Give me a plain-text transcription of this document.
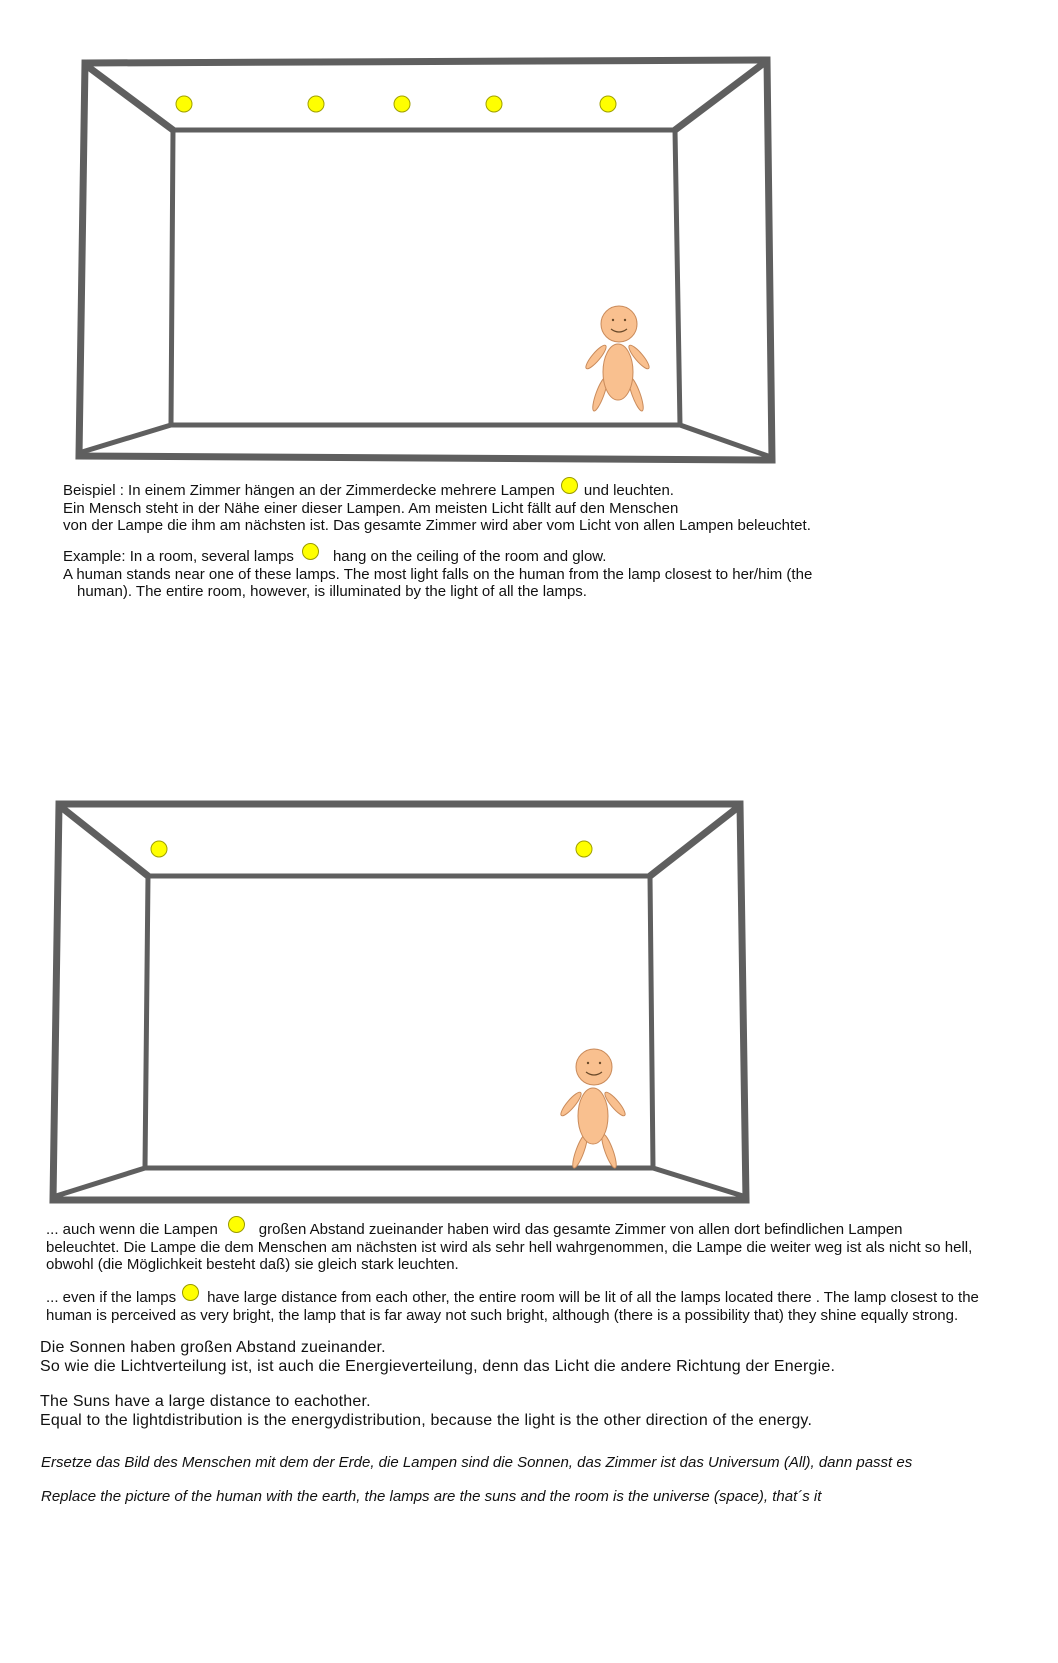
Beispiel : In einem Zimmer hängen an der Zimmerdecke mehrere Lampen und leuchten.
Ein Mensch steht in der Nähe einer dieser Lampen. Am meisten Licht fällt auf den Menschen
von der Lampe die ihm am nächsten ist. Das gesamte Zimmer wird aber vom Licht von allen Lampen beleuchtet.
Example: In a room, several lamps	hang on the ceiling of the room and glow.
A human stands near one of these lamps. The most light falls on the human from the lamp closest to her/him (the
human). The entire room, however, is illuminated by the light of all the lamps.
... auch wenn die Lampen	großen Abstand zueinander haben wird das gesamte Zimmer von allen dort befindlichen Lampen
beleuchtet. Die Lampe die dem Menschen am nächsten ist wird als sehr hell wahrgenommen, die Lampe die weiter weg ist als nicht so hell,
obwohl (die Möglichkeit besteht daß) sie gleich stark leuchten.
... even if the lamps have large distance from each other, the entire room will be lit of all the lamps located there . The lamp closest to the
human is perceived as very bright, the lamp that is far away not such bright, although (there is a possibility that) they shine equally strong.
Die Sonnen haben großen Abstand zueinander.
So wie die Lichtverteilung ist, ist auch die Energieverteilung, denn das Licht die andere Richtung der Energie.
The Suns have a large distance to eachother.
Equal to the lightdistribution is the energydistribution, because the light is the other direction of the energy.
Ersetze das Bild des Menschen mit dem der Erde, die Lampen sind die Sonnen, das Zimmer ist das Universum (All), dann passt es
Replace the picture of the human with the earth, the lamps are the suns and the room is the universe (space), that´s it
